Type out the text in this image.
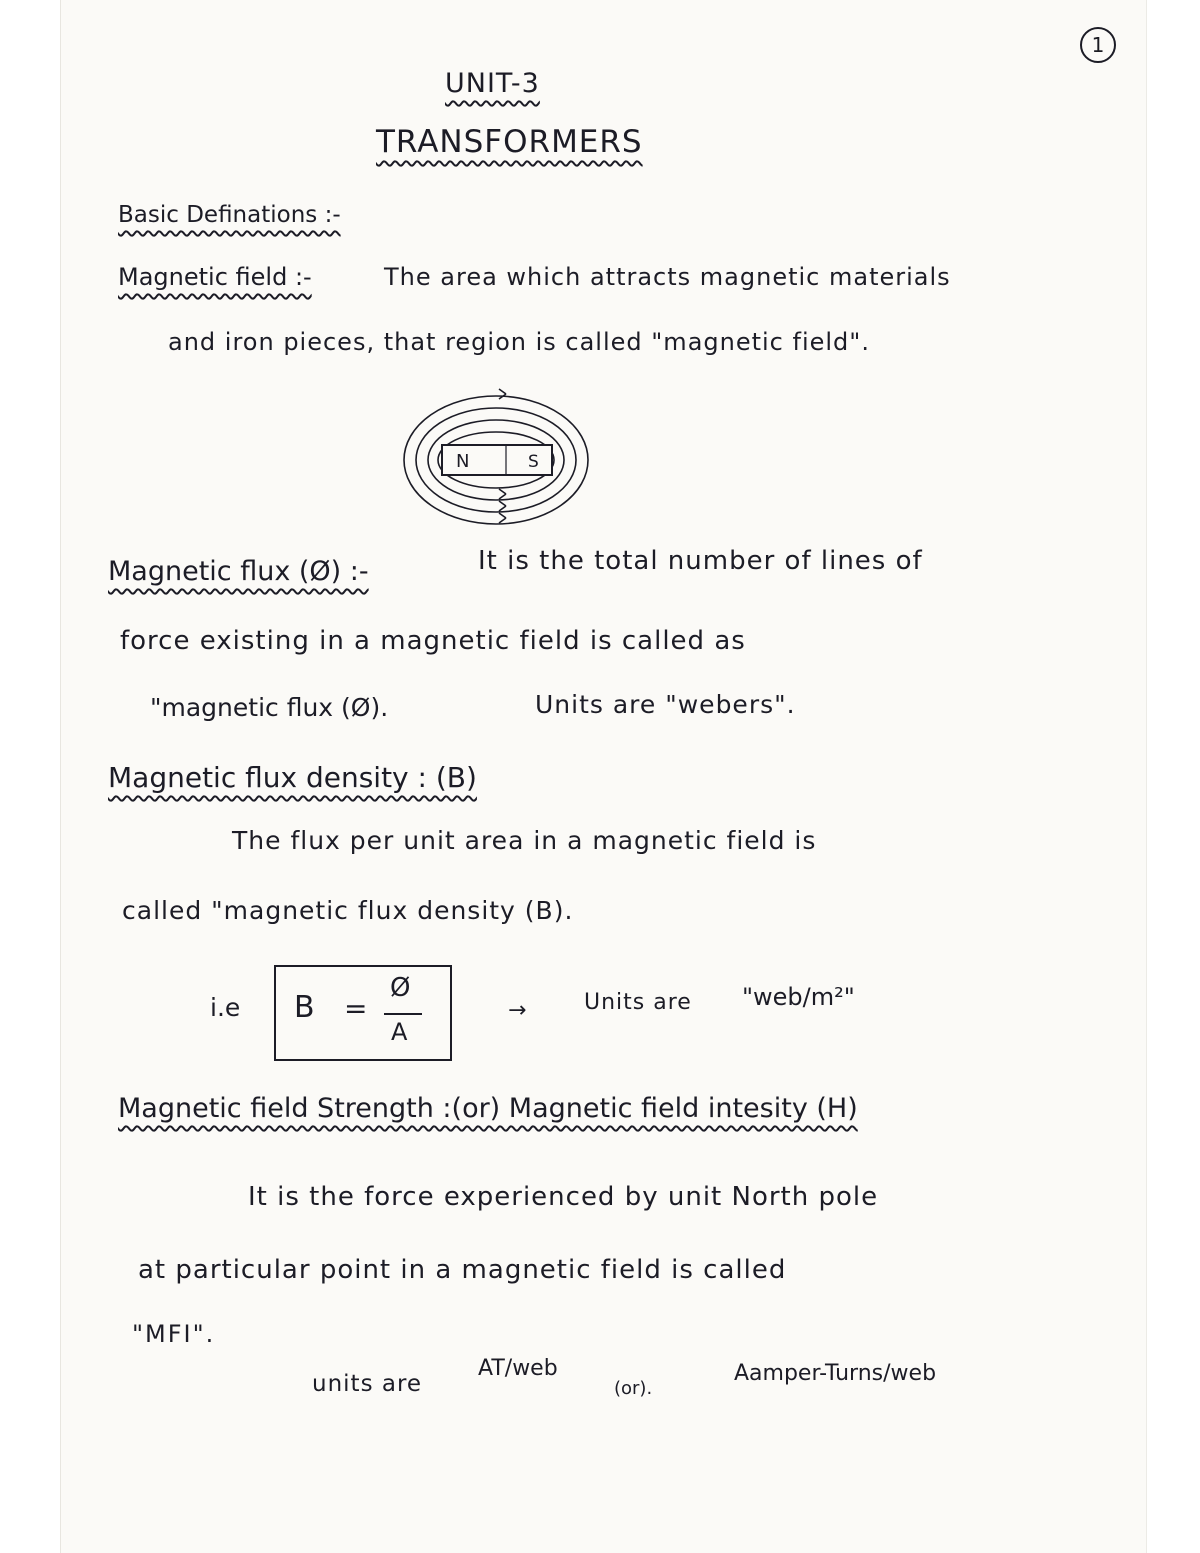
1
UNIT-3
TRANSFORMERS
Basic Definations :-
Magnetic field :-	The area which attracts magnetic materials
and iron pieces, that region is called "magnetic field".
N	S
Magnetic flux (Ø) :-	It is the total number of lines of
force existing in a magnetic field is called as
"magnetic flux (Ø).	Units are "webers".
Magnetic flux density : (B)
The flux per unit area in a magnetic field is
called "magnetic flux density (B).
i.e B =
Ø
A
→	Units are "web/m²"
Magnetic field Strength :(or) Magnetic field intesity (H)
It is the force experienced by unit North pole
at particular point in a magnetic field is called
"MFI".
units are
AT/web
(or).
Aamper-Turns/web
